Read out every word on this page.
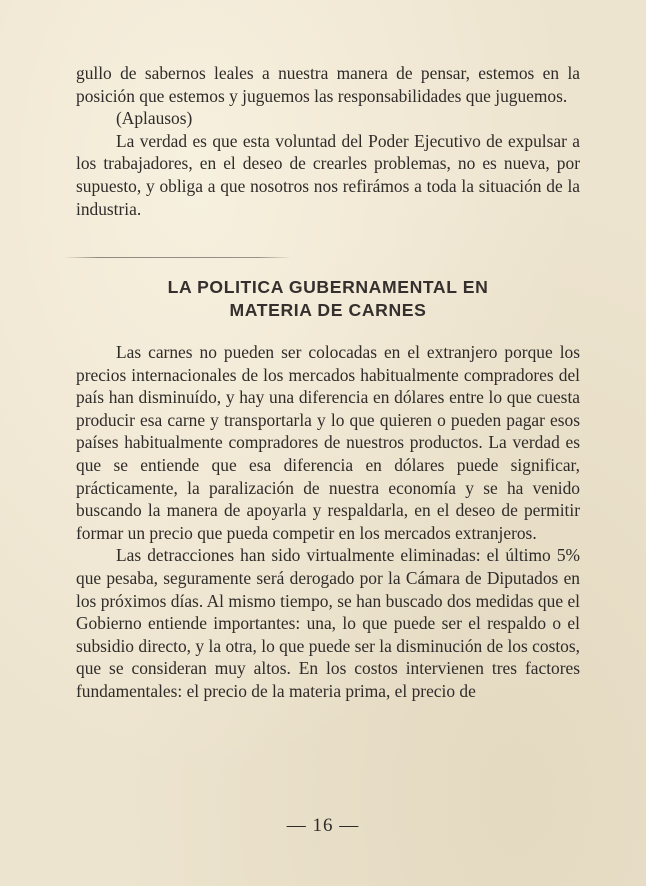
gullo de sabernos leales a nuestra manera de pensar, estemos en la posición que estemos y juguemos las responsabilidades que juguemos.

(Aplausos)

La verdad es que esta voluntad del Poder Ejecutivo de expulsar a los trabajadores, en el deseo de crearles problemas, no es nueva, por supuesto, y obliga a que nosotros nos refirámos a toda la situación de la industria.

LA POLITICA GUBERNAMENTAL EN
MATERIA DE CARNES

Las carnes no pueden ser colocadas en el extranjero porque los precios internacionales de los mercados habitualmente compradores del país han disminuído, y hay una diferencia en dólares entre lo que cuesta producir esa carne y transportarla y lo que quieren o pueden pagar esos países habitualmente compradores de nuestros productos. La verdad es que se entiende que esa diferencia en dólares puede significar, prácticamente, la paralización de nuestra economía y se ha venido buscando la manera de apoyarla y respaldarla, en el deseo de permitir formar un precio que pueda competir en los mercados extranjeros.

Las detracciones han sido virtualmente eliminadas: el último 5% que pesaba, seguramente será derogado por la Cámara de Diputados en los próximos días. Al mismo tiempo, se han buscado dos medidas que el Gobierno entiende importantes: una, lo que puede ser el respaldo o el subsidio directo, y la otra, lo que puede ser la disminución de los costos, que se consideran muy altos. En los costos intervienen tres factores fundamentales: el precio de la materia prima, el precio de

— 16 —
